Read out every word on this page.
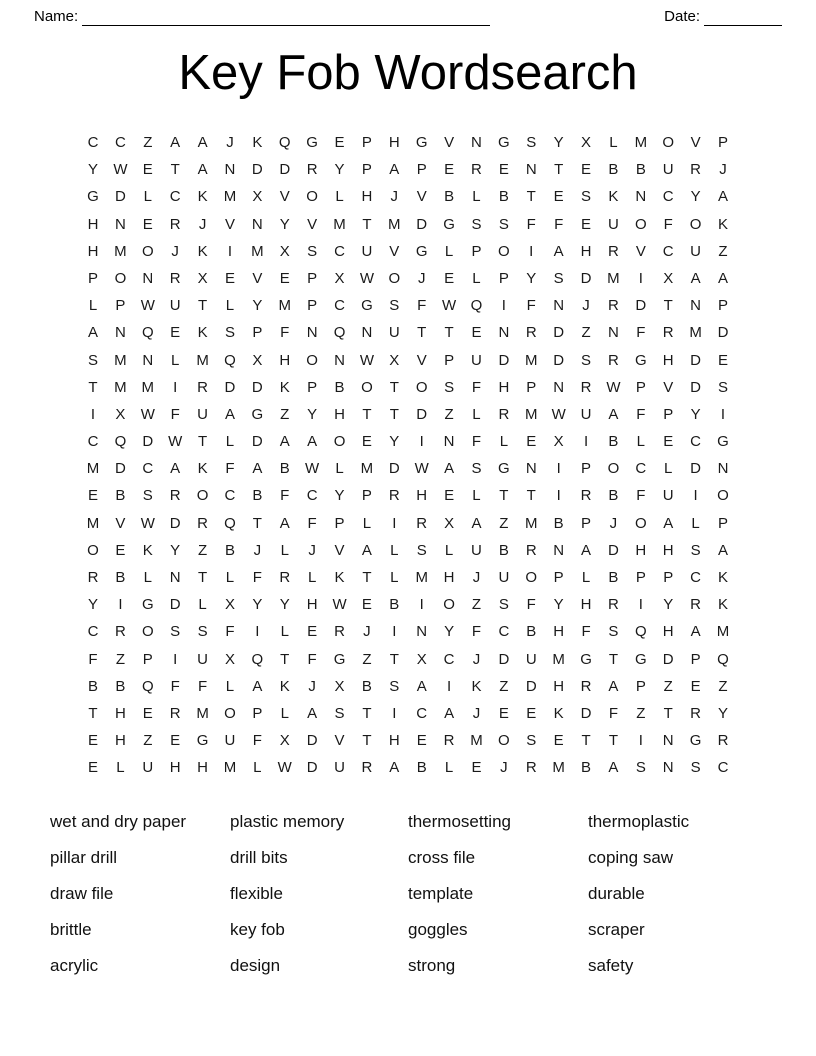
Name:	Date:
Key Fob Wordsearch
C	C	Z	A	A	J	K	Q	G	E	P	H	G	V	N	G	S	Y	X	L	M	O	V	P
Y	W	E	T	A	N	D	D	R	Y	P	A	P	E	R	E	N	T	E	B	B	U	R	J
G	D	L	C	K	M	X	V	O	L	H	J	V	B	L	B	T	E	S	K	N	C	Y	A
H	N	E	R	J	V	N	Y	V	M	T	M	D	G	S	S	F	F	E	U	O	F	O	K
H	M	O	J	K	I	M	X	S	C	U	V	G	L	P	O	I	A	H	R	V	C	U	Z
P	O	N	R	X	E	V	E	P	X	W O	J	E	L	P	Y	S	D	M	I	X	A	A
L	P	W U	T	L	Y	M	P	C	G	S	F	W Q	I	F	N	J	R	D	T	N	P
A	N	Q	E	K	S	P	F	N	Q	N	U	T	T	E	N	R	D	Z	N	F	R	M	D
S	M	N	L	M	Q	X	H	O	N W	X	V	P	U	D	M	D	S	R	G	H	D	E
T	M M	I	R	D	D	K	P	B	O	T	O	S	F	H	P	N	R W	P	V	D	S
I	X	W	F	U	A	G	Z	Y	H	T	T	D	Z	L	R	M W U	A	F	P	Y	I
C	Q	D W	T	L	D	A	A	O	E	Y	I	N	F	L	E	X	I	B	L	E	C	G
M	D	C	A	K	F	A	B	W	L	M	D W	A	S	G	N	I	P	O	C	L	D	N
E	B	S	R	O	C	B	F	C	Y	P	R	H	E	L	T	T	I	R	B	F	U	I	O
M	V	W D	R	Q	T	A	F	P	L	I	R	X	A	Z	M	B	P	J	O	A	L	P
O	E	K	Y	Z	B	J	L	J	V	A	L	S	L	U	B	R	N	A	D	H	H	S	A
R	B	L	N	T	L	F	R	L	K	T	L	M	H	J	U	O	P	L	B	P	P	C	K
Y	I	G	D	L	X	Y	Y	H W	E	B	I	O	Z	S	F	Y	H	R	I	Y	R	K
C	R	O	S	S	F	I	L	E	R	J	I	N	Y	F	C	B	H	F	S	Q	H	A	M
F	Z	P	I	U	X	Q	T	F	G	Z	T	X	C	J	D	U	M	G	T	G	D	P	Q
B	B	Q	F	F	L	A	K	J	X	B	S	A	I	K	Z	D	H	R	A	P	Z	E	Z
T	H	E	R	M	O	P	L	A	S	T	I	C	A	J	E	E	K	D	F	Z	T	R	Y
E	H	Z	E	G	U	F	X	D	V	T	H	E	R	M	O	S	E	T	T	I	N	G	R
E	L	U	H	H	M	L	W D	U	R	A	B	L	E	J	R	M	B	A	S	N	S	C
wet and dry paper	plastic memory	thermosetting	thermoplastic
pillar drill	drill bits	cross file	coping saw
draw file	flexible	template	durable
brittle	key fob	goggles	scraper
acrylic	design	strong	safety
